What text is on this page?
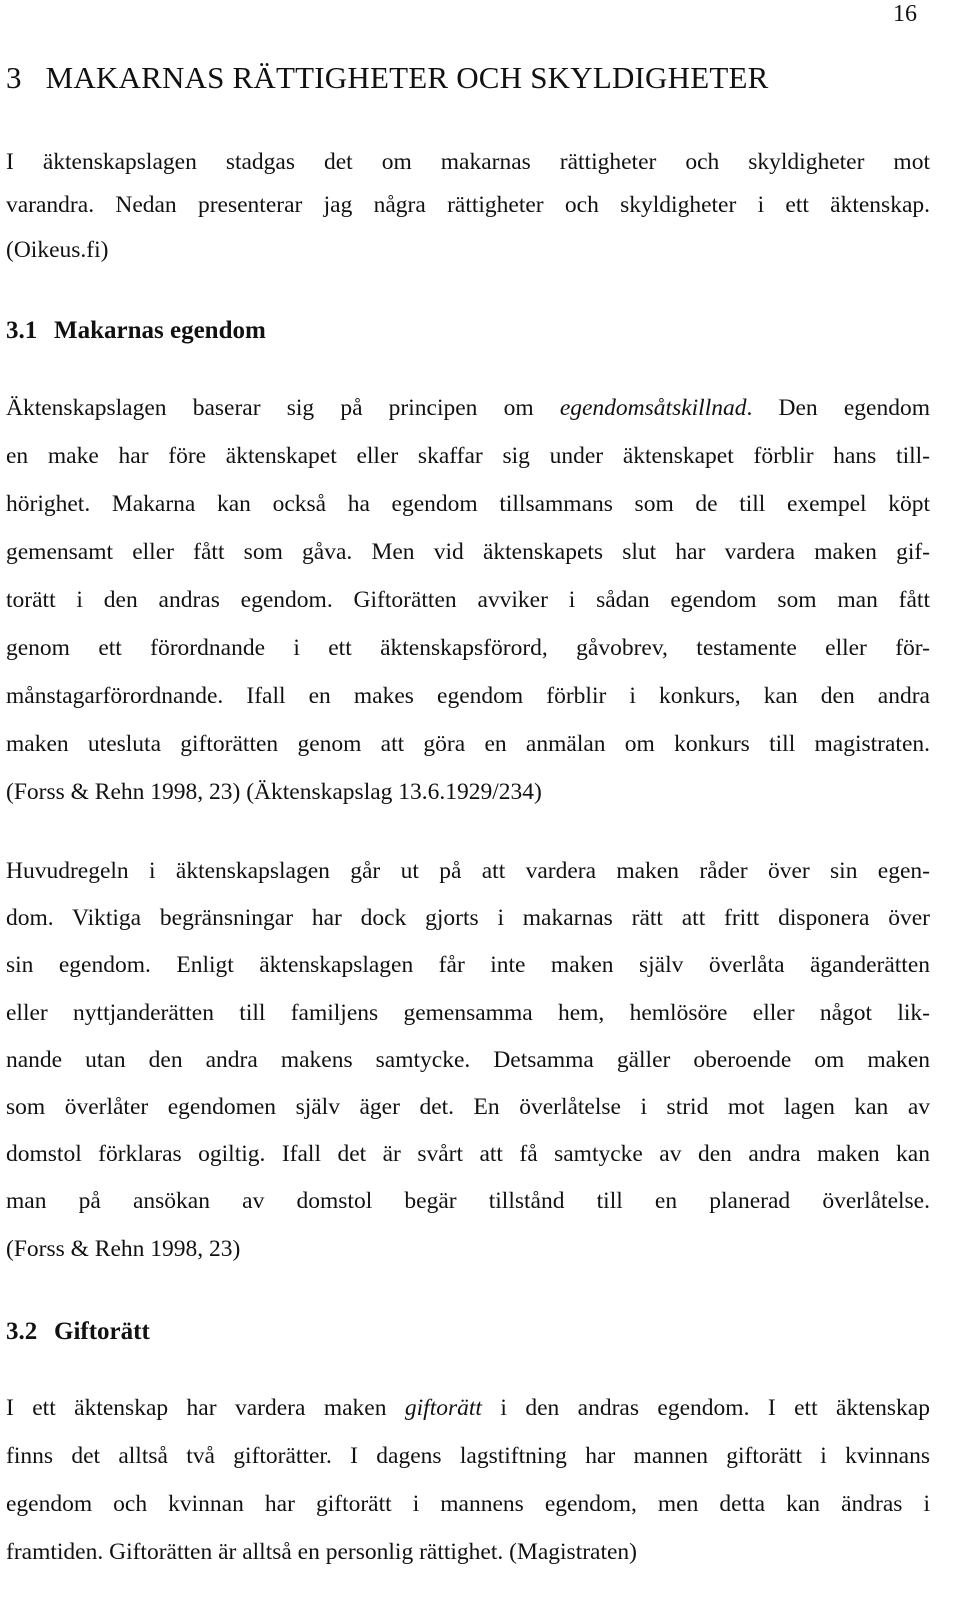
16
3 MAKARNAS RÄTTIGHETER OCH SKYLDIGHETER
I äktenskapslagen stadgas det om makarnas rättigheter och skyldigheter mot
varandra. Nedan presenterar jag några rättigheter och skyldigheter i ett äktenskap.
(Oikeus.fi)
3.1 Makarnas egendom
Äktenskapslagen baserar sig på principen om egendomsåtskillnad. Den egendom
en make har före äktenskapet eller skaffar sig under äktenskapet förblir hans till-
hörighet. Makarna kan också ha egendom tillsammans som de till exempel köpt
gemensamt eller fått som gåva. Men vid äktenskapets slut har vardera maken gif-
torätt i den andras egendom. Giftorätten avviker i sådan egendom som man fått
genom ett förordnande i ett äktenskapsförord, gåvobrev, testamente eller för-
månstagarförordnande. Ifall en makes egendom förblir i konkurs, kan den andra
maken utesluta giftorätten genom att göra en anmälan om konkurs till magistraten.
(Forss & Rehn 1998, 23) (Äktenskapslag 13.6.1929/234)
Huvudregeln i äktenskapslagen går ut på att vardera maken råder över sin egen-
dom. Viktiga begränsningar har dock gjorts i makarnas rätt att fritt disponera över
sin egendom. Enligt äktenskapslagen får inte maken själv överlåta äganderätten
eller nyttjanderätten till familjens gemensamma hem, hemlösöre eller något lik-
nande utan den andra makens samtycke. Detsamma gäller oberoende om maken
som överlåter egendomen själv äger det. En överlåtelse i strid mot lagen kan av
domstol förklaras ogiltig. Ifall det är svårt att få samtycke av den andra maken kan
man på ansökan av domstol begär tillstånd till en planerad överlåtelse.
(Forss & Rehn 1998, 23)
3.2 Giftorätt
I ett äktenskap har vardera maken giftorätt i den andras egendom. I ett äktenskap
finns det alltså två giftorätter. I dagens lagstiftning har mannen giftorätt i kvinnans
egendom och kvinnan har giftorätt i mannens egendom, men detta kan ändras i
framtiden. Giftorätten är alltså en personlig rättighet. (Magistraten)
